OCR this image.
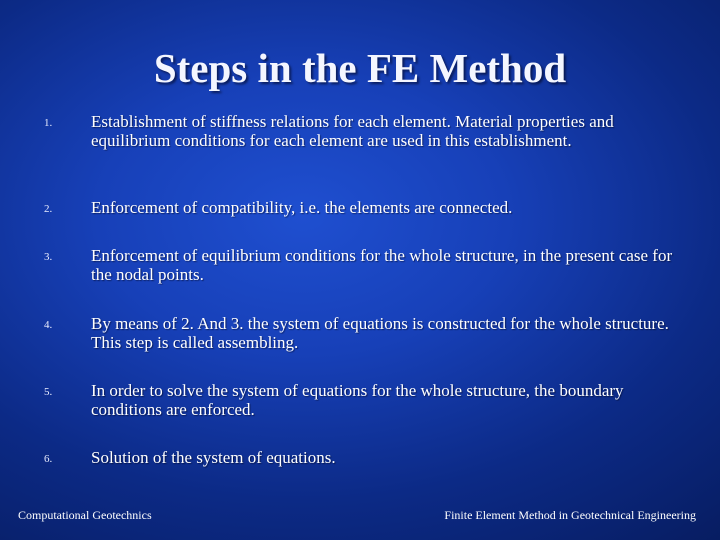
Steps in the FE Method
1. Establishment of stiffness relations for each element. Material properties and equilibrium conditions for each element are used in this establishment.
2. Enforcement of compatibility, i.e. the elements are connected.
3. Enforcement of equilibrium conditions for the whole structure, in the present case for the nodal points.
4. By means of 2. And 3. the system of equations is constructed for the whole structure. This step is called assembling.
5. In order to solve the system of equations for the whole structure, the boundary conditions are enforced.
6. Solution of the system of equations.
Computational Geotechnics	Finite Element Method in Geotechnical Engineering
